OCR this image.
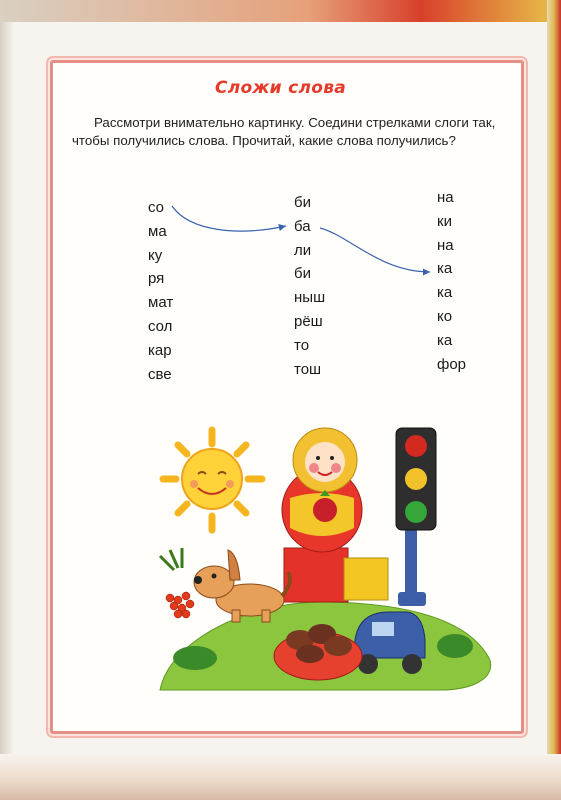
Сложи слова
Рассмотри внимательно картинку. Соедини стрелками слоги так, чтобы получились слова. Прочитай, какие слова получились?
со
ма
ку
ря
мат
сол
кар
све
би
ба
ли
би
ныш
рёш
то
тош
на
ки
на
ка
ка
ко
ка
фор
